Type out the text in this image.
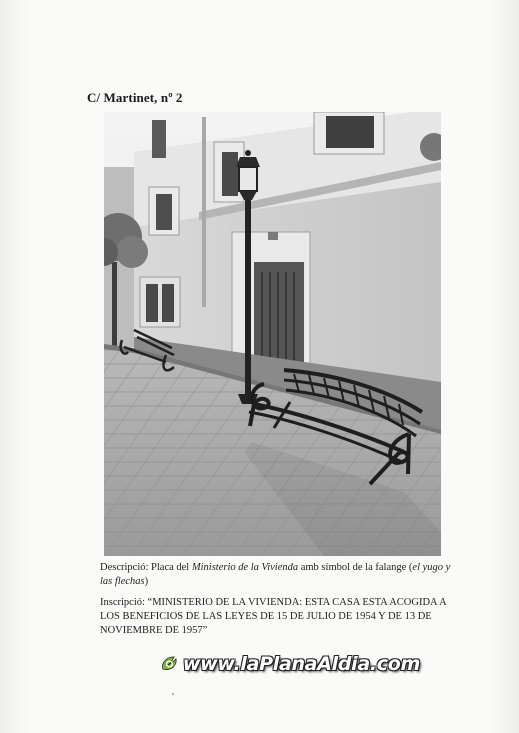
C/ Martinet, nº 2
Descripció: Placa del Ministerio de la Vivienda amb símbol de la falange (el yugo y las flechas)
Inscripció: “MINISTERIO DE LA VIVIENDA: ESTA CASA ESTA ACOGIDA A LOS BENEFICIOS DE LAS LEYES DE 15 DE JULIO DE 1954 Y DE 13 DE NOVIEMBRE DE 1957”
www.laPlanaAldia.com
